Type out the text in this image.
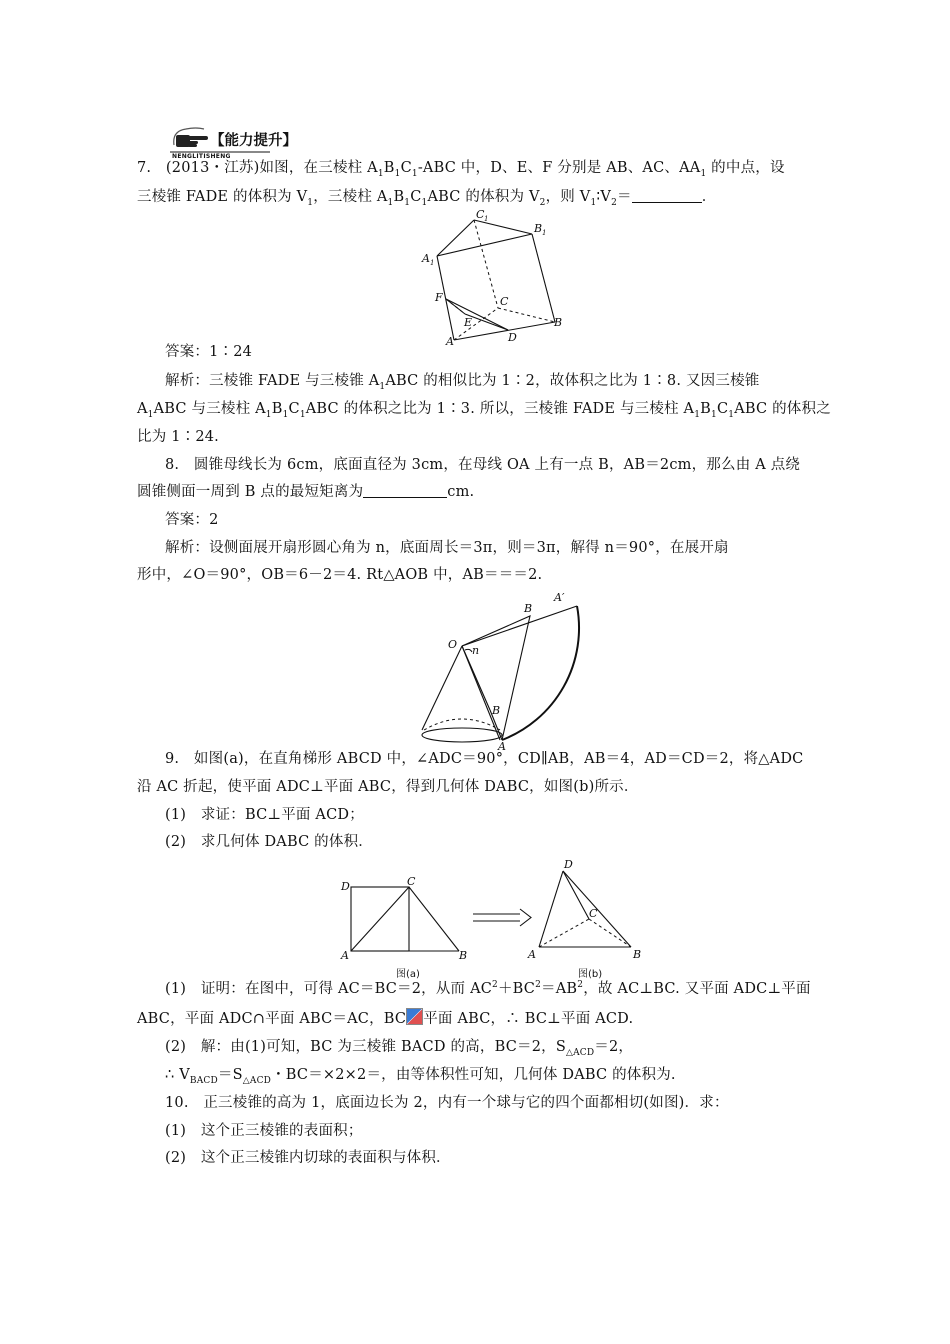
【能力提升】
NENGLITISHENG
7.　(2013・江苏)如图，在三棱柱 $A_1B_1C_1$-ABC 中，D、E、F 分别是 AB、AC、$AA_1$ 的中点，设
三棱锥 FADE 的体积为 $V_1$，三棱柱 $A_1B_1C_1ABC$ 的体积为 $V_2$，则 $V_1∶V_2=$	．
C 1
B 1
A 1
F	C
B
E
A	D
答案：1∶24
解析：三棱锥 FADE 与三棱锥 $A_1ABC$ 的相似比为 1∶2，故体积之比为 1∶8. 又因三棱锥
$A_1ABC$ 与三棱柱 $A_1B_1C_1ABC$ 的体积之比为 1∶3. 所以，三棱锥 FADE 与三棱柱 $A_1B_1C_1ABC$ 的体积之
比为 1∶24.
8.　圆锥母线长为 6cm，底面直径为 3cm，在母线 OA 上有一点 B，AB＝2cm，那么由 A 点绕
圆锥侧面一周到 B 点的最短矩离为	cm.
答案：2
解析：设侧面展开扇形圆心角为 n，底面周长＝3π，则＝3π，解得 n＝90°，在展开扇
形中，∠O＝90°，OB＝6－2＝4. Rt△AOB 中，AB＝＝＝2.
B
A′
O n
B
A
9.　如图(a)，在直角梯形 ABCD 中，∠ADC＝90°，CD∥AB，AB＝4，AD＝CD＝2，将△ADC
沿 AC 折起，使平面 ADC⊥平面 ABC，得到几何体 DABC，如图(b)所示．
(1)　求证：BC⊥平面 ACD；
(2)　求几何体 DABC 的体积．
D	C
A	B
D
C
A	B
图(a)	图(b)
(1)　证明：在图中，可得 AC＝BC＝2，从而 $AC^2+BC^2=AB^2$，故 AC⊥BC. 又平面 ADC⊥平面
ABC，平面 ADC∩平面 ABC＝AC，BC 平面 ABC，∴ BC⊥平面 ACD.
(2)　解：由(1)可知，BC 为三棱锥 BACD 的高，BC＝2，$S_{\triangle ACD}=2$，
∴ $V_{BACD}=S_{\triangle ACD}$・BC＝×2×2＝，由等体积性可知，几何体 DABC 的体积为.
10.　正三棱锥的高为 1，底面边长为 2，内有一个球与它的四个面都相切(如图)．求：
(1)　这个正三棱锥的表面积；
(2)　这个正三棱锥内切球的表面积与体积．
